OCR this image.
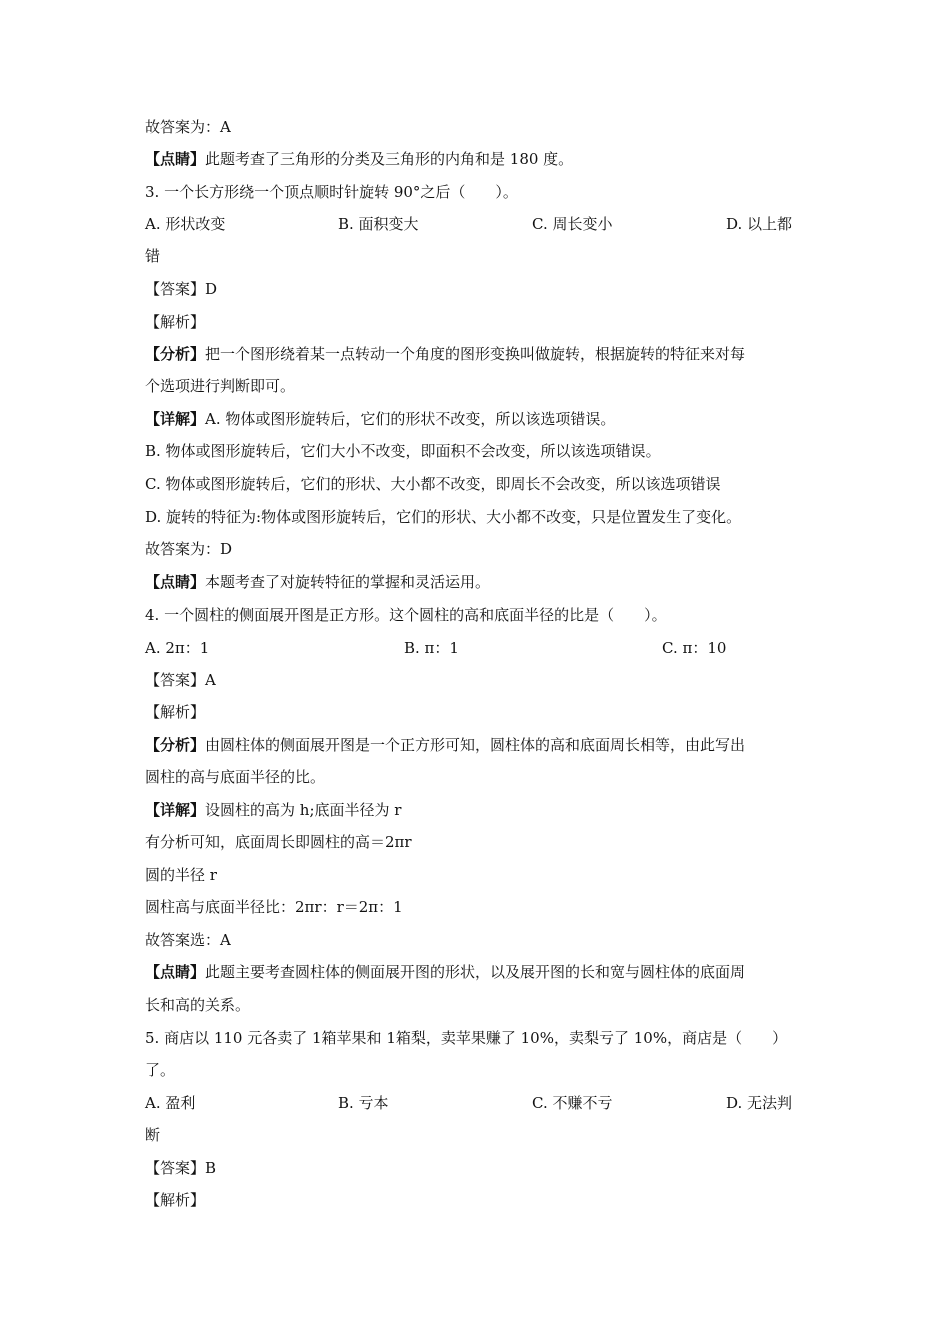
故答案为：A
【点睛】此题考查了三角形的分类及三角形的内角和是 180 度。
3. 一个长方形绕一个顶点顺时针旋转 90°之后（　　）。
A. 形状改变	B. 面积变大	C. 周长变小	D. 以上都
错
【答案】D
【解析】
【分析】把一个图形绕着某一点转动一个角度的图形变换叫做旋转，根据旋转的特征来对每
个选项进行判断即可。
【详解】A. 物体或图形旋转后，它们的形状不改变，所以该选项错误。
B. 物体或图形旋转后，它们大小不改变，即面积不会改变，所以该选项错误。
C. 物体或图形旋转后，它们的形状、大小都不改变，即周长不会改变，所以该选项错误
D. 旋转的特征为:物体或图形旋转后，它们的形状、大小都不改变，只是位置发生了变化。
故答案为：D
【点睛】本题考查了对旋转特征的掌握和灵活运用。
4. 一个圆柱的侧面展开图是正方形。这个圆柱的高和底面半径的比是（　　）。
A. 2π：1	B. π：1	C. π：10
【答案】A
【解析】
【分析】由圆柱体的侧面展开图是一个正方形可知，圆柱体的高和底面周长相等，由此写出
圆柱的高与底面半径的比。
【详解】设圆柱的高为 h;底面半径为 r
有分析可知，底面周长即圆柱的高＝2πr
圆的半径 r
圆柱高与底面半径比：2πr：r＝2π：1
故答案选：A
【点睛】此题主要考查圆柱体的侧面展开图的形状，以及展开图的长和宽与圆柱体的底面周
长和高的关系。
5. 商店以 110 元各卖了 1箱苹果和 1箱梨，卖苹果赚了 10%，卖梨亏了 10%，商店是（　　）
了。
A. 盈利	B. 亏本	C. 不赚不亏	D. 无法判
断
【答案】B
【解析】
